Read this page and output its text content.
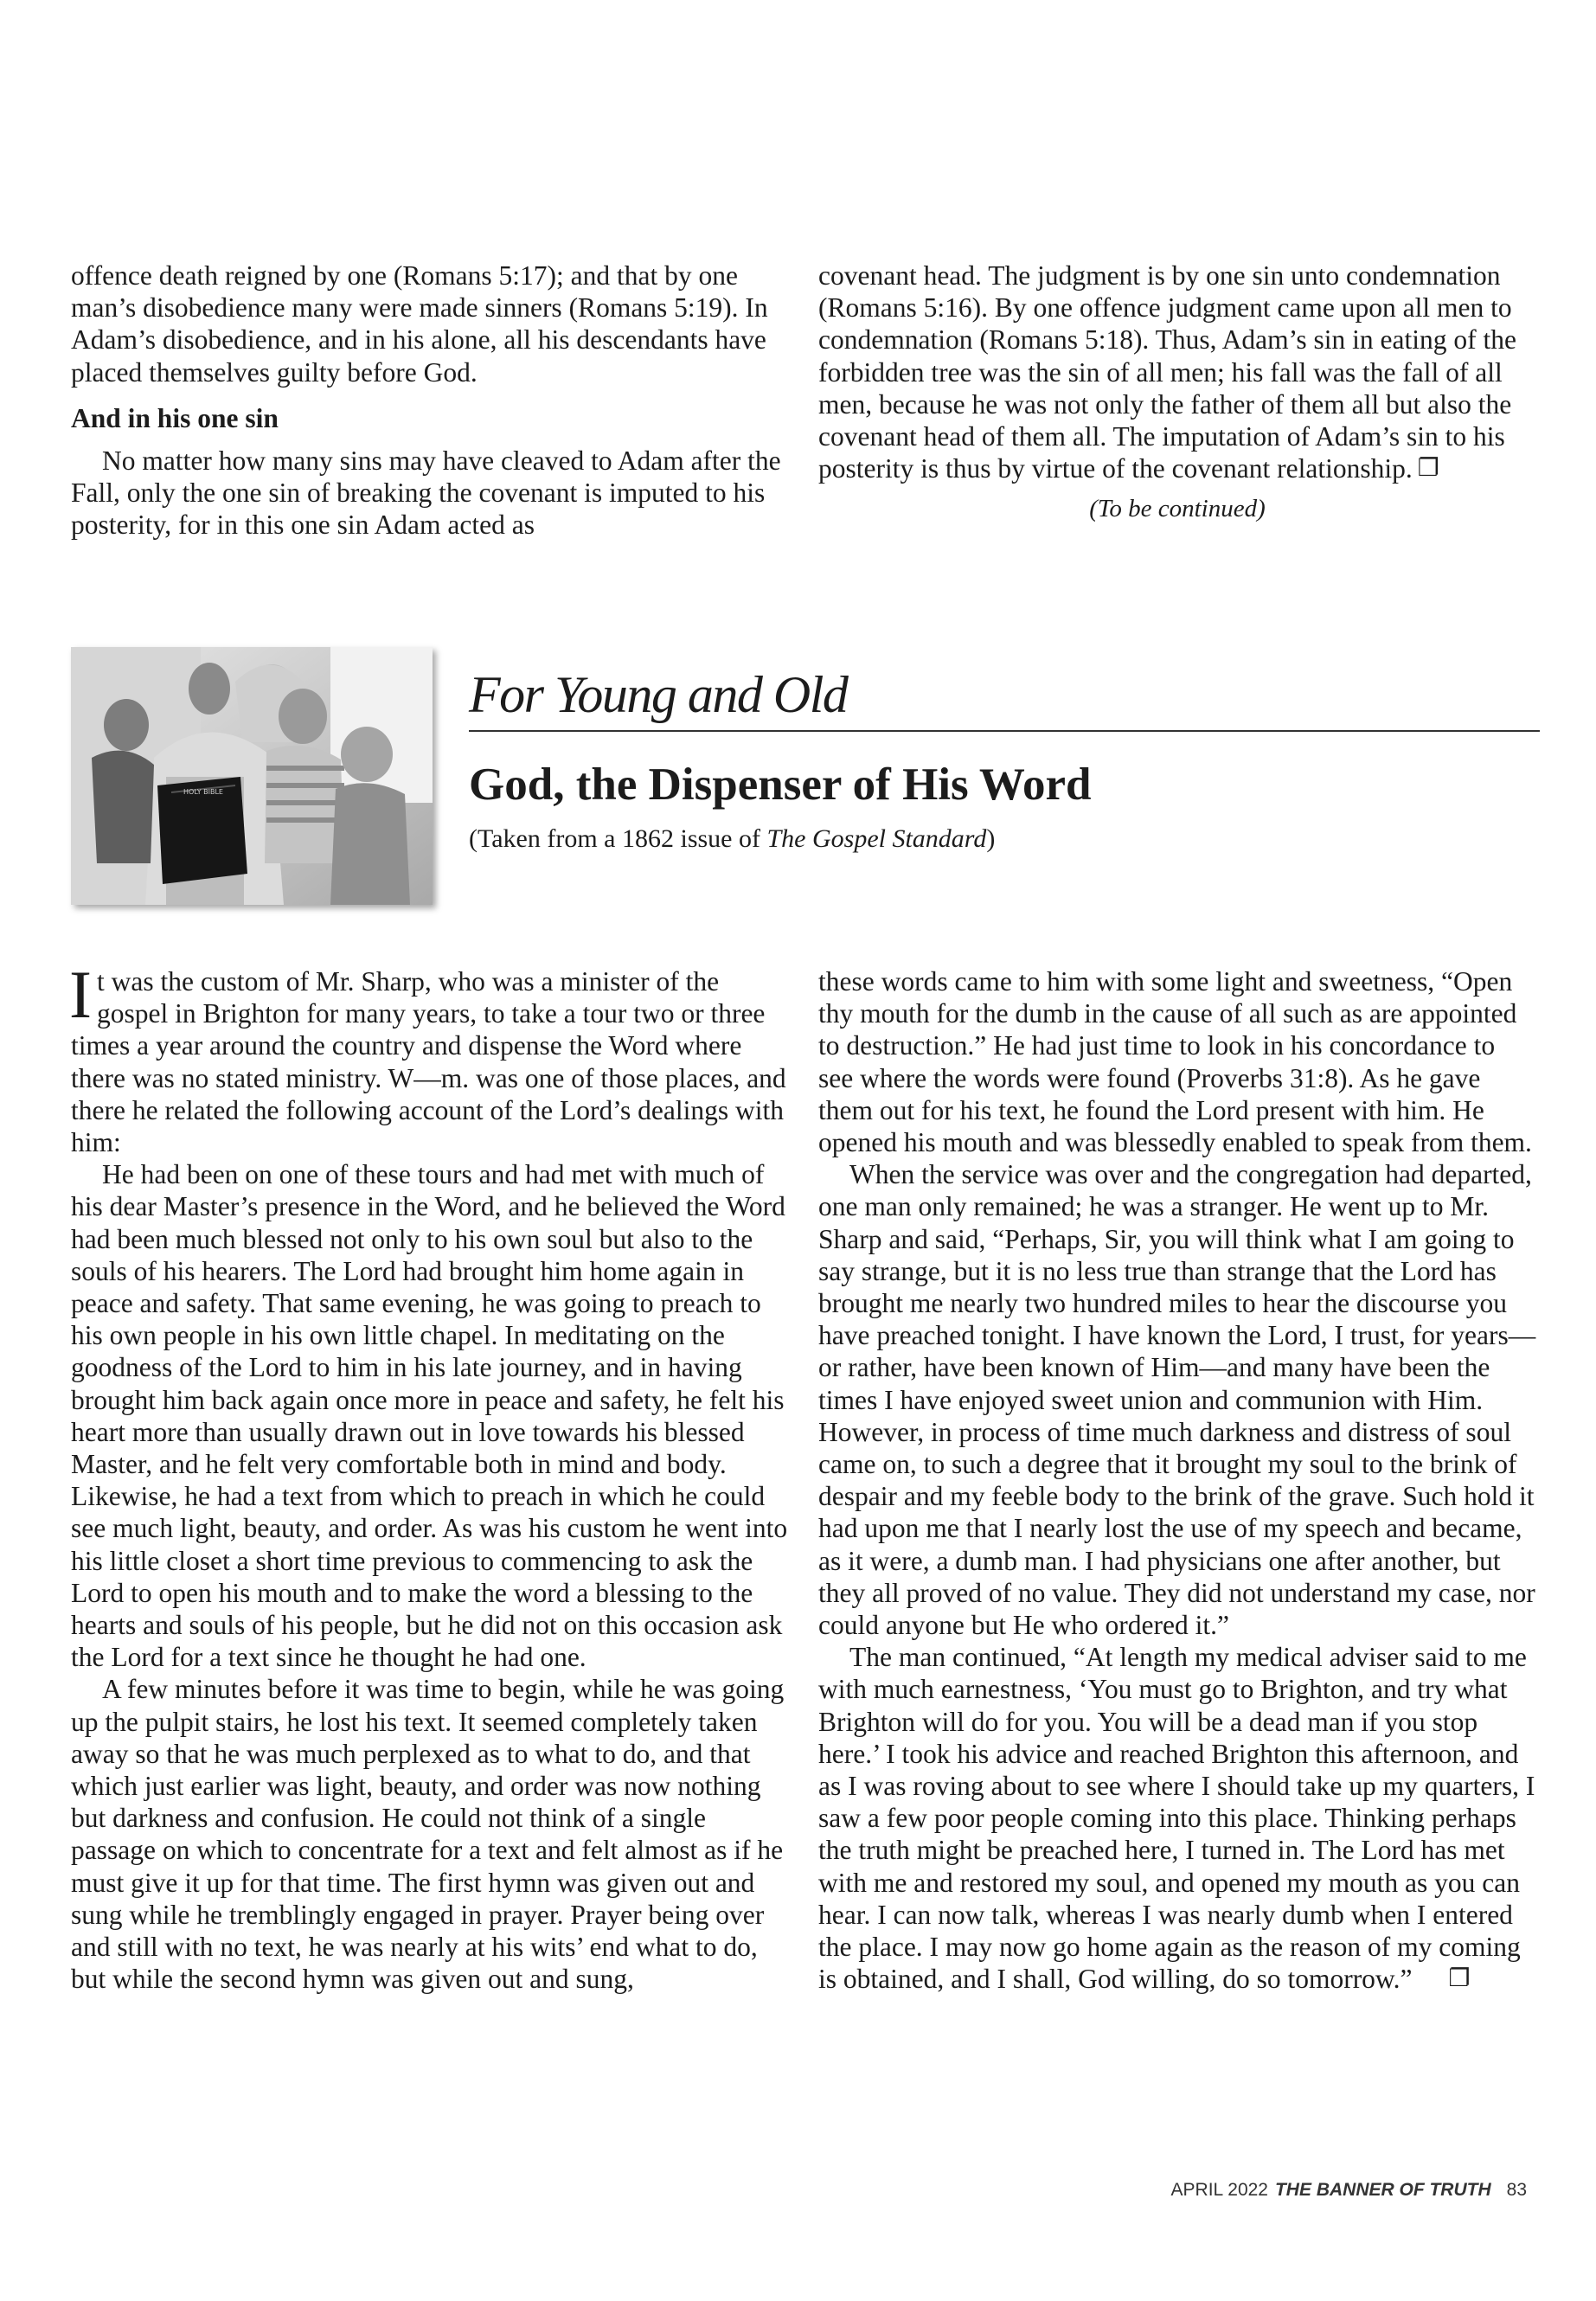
offence death reigned by one (Romans 5:17); and that by one man’s disobedience many were made sinners (Romans 5:19). In Adam’s disobedience, and in his alone, all his descendants have placed themselves guilty before God.

And in his one sin

No matter how many sins may have cleaved to Adam after the Fall, only the one sin of breaking the covenant is imputed to his posterity, for in this one sin Adam acted as

covenant head. The judgment is by one sin unto condemnation (Romans 5:16). By one offence judgment came upon all men to condemnation (Romans 5:18). Thus, Adam’s sin in eating of the forbidden tree was the sin of all men; his fall was the fall of all men, because he was not only the father of them all but also the covenant head of them all. The imputation of Adam’s sin to his posterity is thus by virtue of the covenant relationship. ❐

(To be continued)

HOLY BIBLE
For Young and Old
God, the Dispenser of His Word
(Taken from a 1862 issue of The Gospel Standard)

It was the custom of Mr. Sharp, who was a minister of the gospel in Brighton for many years, to take a tour two or three times a year around the country and dispense the Word where there was no stated ministry. W—m. was one of those places, and there he related the following account of the Lord’s dealings with him:

He had been on one of these tours and had met with much of his dear Master’s presence in the Word, and he believed the Word had been much blessed not only to his own soul but also to the souls of his hearers. The Lord had brought him home again in peace and safety. That same evening, he was going to preach to his own people in his own little chapel. In meditating on the goodness of the Lord to him in his late journey, and in having brought him back again once more in peace and safety, he felt his heart more than usually drawn out in love towards his blessed Master, and he felt very comfortable both in mind and body. Likewise, he had a text from which to preach in which he could see much light, beauty, and order. As was his custom he went into his little closet a short time previous to commencing to ask the Lord to open his mouth and to make the word a blessing to the hearts and souls of his people, but he did not on this occasion ask the Lord for a text since he thought he had one.

A few minutes before it was time to begin, while he was going up the pulpit stairs, he lost his text. It seemed completely taken away so that he was much perplexed as to what to do, and that which just earlier was light, beauty, and order was now nothing but darkness and confusion. He could not think of a single passage on which to concentrate for a text and felt almost as if he must give it up for that time. The first hymn was given out and sung while he tremblingly engaged in prayer. Prayer being over and still with no text, he was nearly at his wits’ end what to do, but while the second hymn was given out and sung,

these words came to him with some light and sweetness, “Open thy mouth for the dumb in the cause of all such as are appointed to destruction.” He had just time to look in his concordance to see where the words were found (Proverbs 31:8). As he gave them out for his text, he found the Lord present with him. He opened his mouth and was blessedly enabled to speak from them.

When the service was over and the congregation had departed, one man only remained; he was a stranger. He went up to Mr. Sharp and said, “Perhaps, Sir, you will think what I am going to say strange, but it is no less true than strange that the Lord has brought me nearly two hundred miles to hear the discourse you have preached tonight. I have known the Lord, I trust, for years—or rather, have been known of Him—and many have been the times I have enjoyed sweet union and communion with Him. However, in process of time much darkness and distress of soul came on, to such a degree that it brought my soul to the brink of despair and my feeble body to the brink of the grave. Such hold it had upon me that I nearly lost the use of my speech and became, as it were, a dumb man. I had physicians one after another, but they all proved of no value. They did not understand my case, nor could anyone but He who ordered it.”

The man continued, “At length my medical adviser said to me with much earnestness, ‘You must go to Brighton, and try what Brighton will do for you. You will be a dead man if you stop here.’ I took his advice and reached Brighton this afternoon, and as I was roving about to see where I should take up my quarters, I saw a few poor people coming into this place. Thinking perhaps the truth might be preached here, I turned in. The Lord has met with me and restored my soul, and opened my mouth as you can hear. I can now talk, whereas I was nearly dumb when I entered the place. I may now go home again as the reason of my coming is obtained, and I shall, God willing, do so tomorrow.” ❐

APRIL 2022 THE BANNER OF TRUTH 83
